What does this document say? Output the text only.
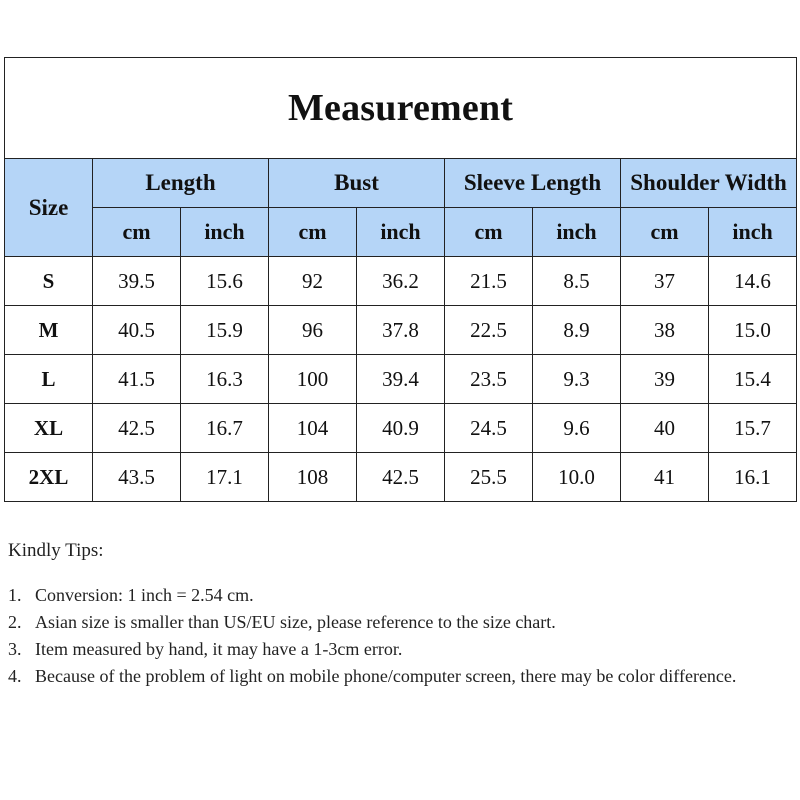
Measurement								
Size	Length		Bust		Sleeve Length		Shoulder Width	
	cm	inch	cm	inch	cm	inch	cm	inch
S	39.5	15.6	92	36.2	21.5	8.5	37	14.6
M	40.5	15.9	96	37.8	22.5	8.9	38	15.0
L	41.5	16.3	100	39.4	23.5	9.3	39	15.4
XL	42.5	16.7	104	40.9	24.5	9.6	40	15.7
2XL	43.5	17.1	108	42.5	25.5	10.0	41	16.1
Kindly Tips:
1. Conversion: 1 inch = 2.54 cm.
2. Asian size is smaller than US/EU size, please reference to the size chart.
3. Item measured by hand, it may have a 1-3cm error.
4. Because of the problem of light on mobile phone/computer screen, there may be color difference.
